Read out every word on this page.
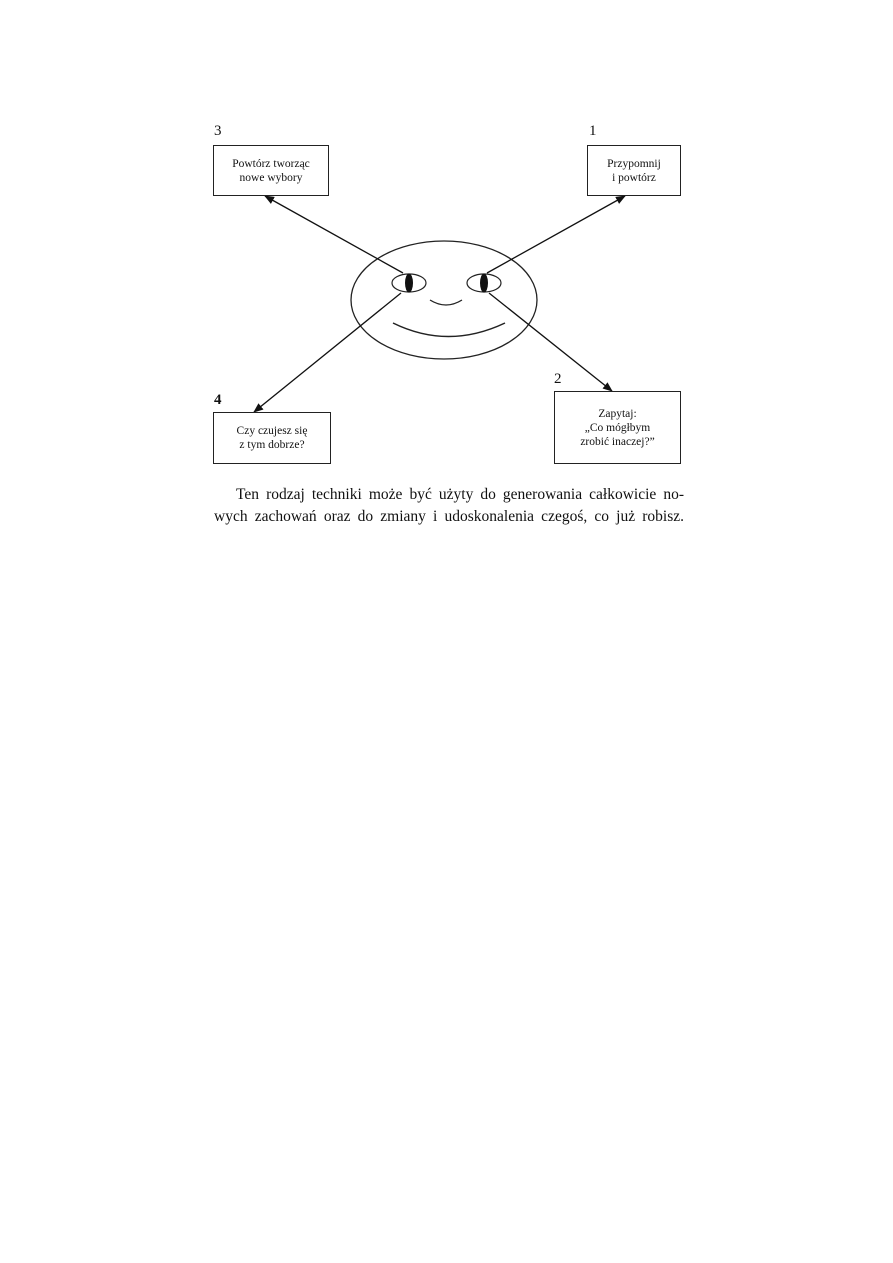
3
Powtórz tworząc
nowe wybory
1
Przypomnij
i powtórz
2
Zapytaj:
„Co mógłbym
zrobić inaczej?”
4
Czy czujesz się
z tym dobrze?
Ten rodzaj techniki może być użyty do generowania całkowicie no-
wych zachowań oraz do zmiany i udoskonalenia czegoś, co już robisz.
